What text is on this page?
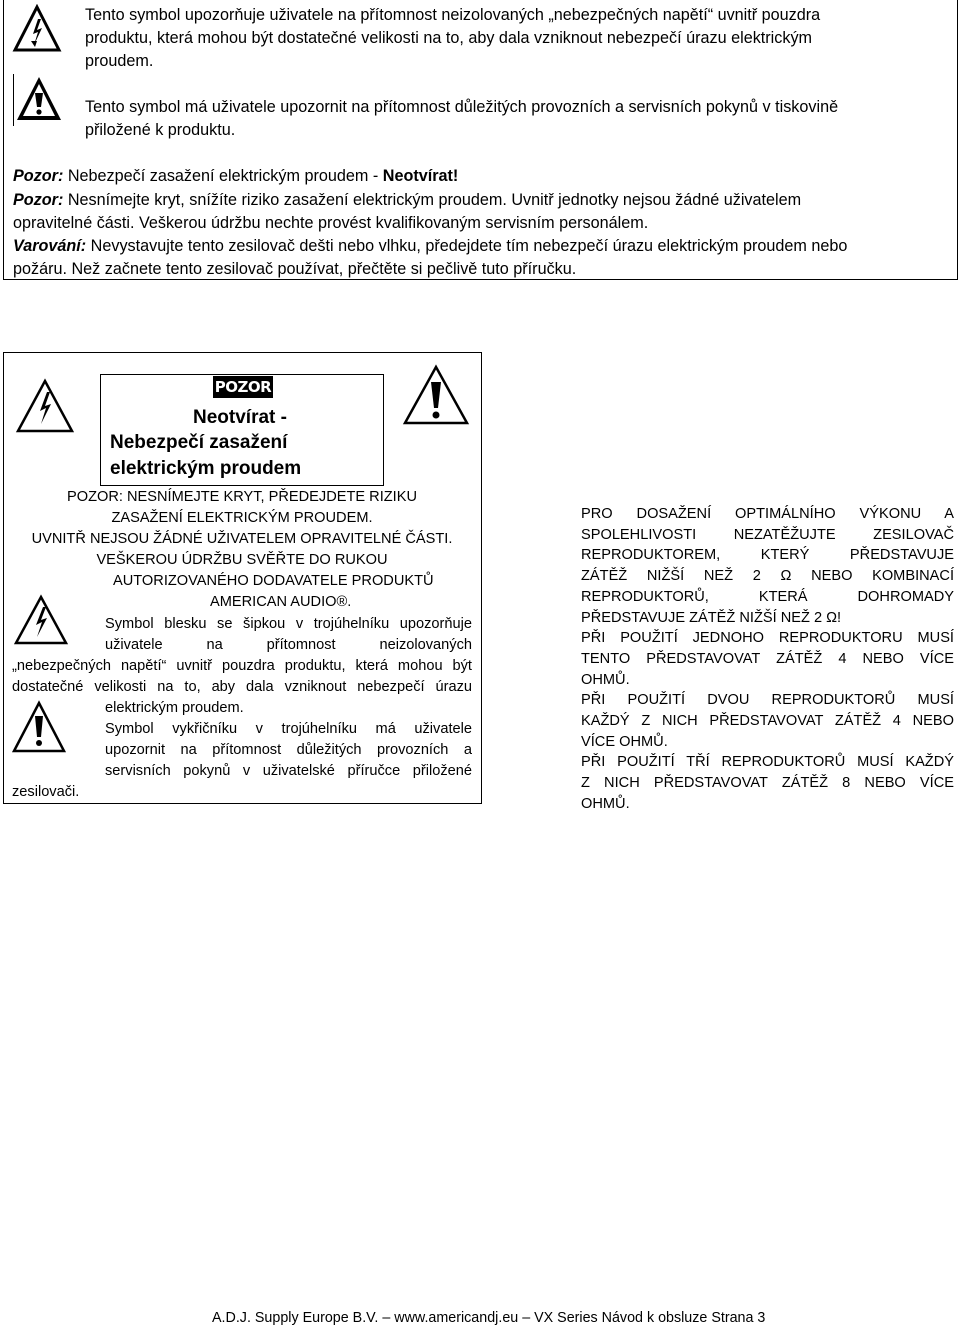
Tento symbol upozorňuje uživatele na přítomnost neizolovaných „nebezpečných napětí“ uvnitř pouzdra
produktu, která mohou být dostatečné velikosti na to, aby dala vzniknout nebezpečí úrazu elektrickým
proudem.
Tento symbol má uživatele upozornit na přítomnost důležitých provozních a servisních pokynů v tiskovině
přiložené k produktu.
Pozor: Nebezpečí zasažení elektrickým proudem - Neotvírat!
Pozor: Nesnímejte kryt, snížíte riziko zasažení elektrickým proudem. Uvnitř jednotky nejsou žádné uživatelem
opravitelné části. Veškerou údržbu nechte provést kvalifikovaným servisním personálem.
Varování: Nevystavujte tento zesilovač dešti nebo vlhku, předejdete tím nebezpečí úrazu elektrickým proudem nebo
požáru. Než začnete tento zesilovač používat, přečtěte si pečlivě tuto příručku.
POZOR
Neotvírat -
Nebezpečí zasažení
elektrickým proudem
POZOR: NESNÍMEJTE KRYT, PŘEDEJDETE RIZIKU
ZASAŽENÍ ELEKTRICKÝM PROUDEM.
UVNITŘ NEJSOU ŽÁDNÉ UŽIVATELEM OPRAVITELNÉ ČÁSTI.
VEŠKEROU ÚDRŽBU SVĚŘTE DO RUKOU
AUTORIZOVANÉHO DODAVATELE PRODUKTŮ
AMERICAN AUDIO®.
Symbol blesku se šipkou v trojúhelníku upozorňuje
uživatele na přítomnost neizolovaných
„nebezpečných napětí“ uvnitř pouzdra produktu, která mohou být
dostatečné velikosti na to, aby dala vzniknout nebezpečí úrazu
elektrickým proudem.
Symbol vykřičníku v trojúhelníku má uživatele
upozornit na přítomnost důležitých provozních a
servisních pokynů v uživatelské příručce přiložené
zesilovači.
PRO DOSAŽENÍ OPTIMÁLNÍHO VÝKONU A
SPOLEHLIVOSTI NEZATĚŽUJTE ZESILOVAČ
REPRODUKTOREM, KTERÝ PŘEDSTAVUJE
ZÁTĚŽ NIŽŠÍ NEŽ 2 Ω NEBO KOMBINACÍ
REPRODUKTORŮ, KTERÁ DOHROMADY
PŘEDSTAVUJE ZÁTĚŽ NIŽŠÍ NEŽ 2 Ω!
PŘI POUŽITÍ JEDNOHO REPRODUKTORU MUSÍ
TENTO PŘEDSTAVOVAT ZÁTĚŽ 4 NEBO VÍCE
OHMŮ.
PŘI POUŽITÍ DVOU REPRODUKTORŮ MUSÍ
KAŽDÝ Z NICH PŘEDSTAVOVAT ZÁTĚŽ 4 NEBO
VÍCE OHMŮ.
PŘI POUŽITÍ TŘÍ REPRODUKTORŮ MUSÍ KAŽDÝ
Z NICH PŘEDSTAVOVAT ZÁTĚŽ 8 NEBO VÍCE
OHMŮ.
A.D.J. Supply Europe B.V. – www.americandj.eu – VX Series Návod k obsluze Strana 3
